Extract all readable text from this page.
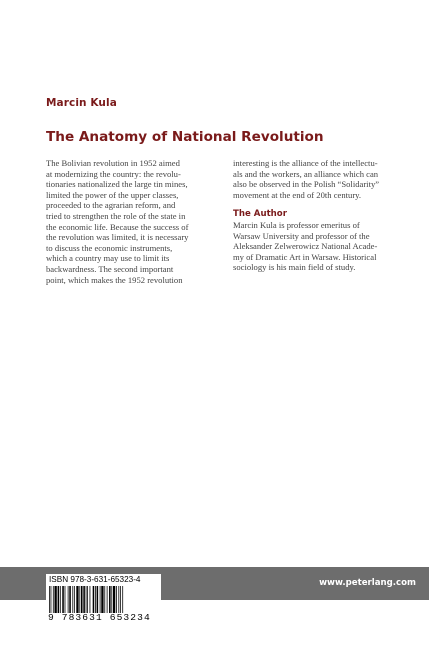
Marcin Kula
The Anatomy of National Revolution
The Bolivian revolution in 1952 aimed
at modernizing the country: the revolu-
tionaries nationalized the large tin mines,
limited the power of the upper classes,
proceeded to the agrarian reform, and
tried to strengthen the role of the state in
the economic life. Because the success of
the revolution was limited, it is necessary
to discuss the economic instruments,
which a country may use to limit its
backwardness. The second important
point, which makes the 1952 revolution
interesting is the alliance of the intellectu-
als and the workers, an alliance which can
also be observed in the Polish “Solidarity”
movement at the end of 20th century.
The Author
Marcin Kula is professor emeritus of
Warsaw University and professor of the
Aleksander Zelwerowicz National Acade-
my of Dramatic Art in Warsaw. Historical
sociology is his main field of study.
www.peterlang.com
ISBN 978-3-631-65323-4
9 783631 653234
